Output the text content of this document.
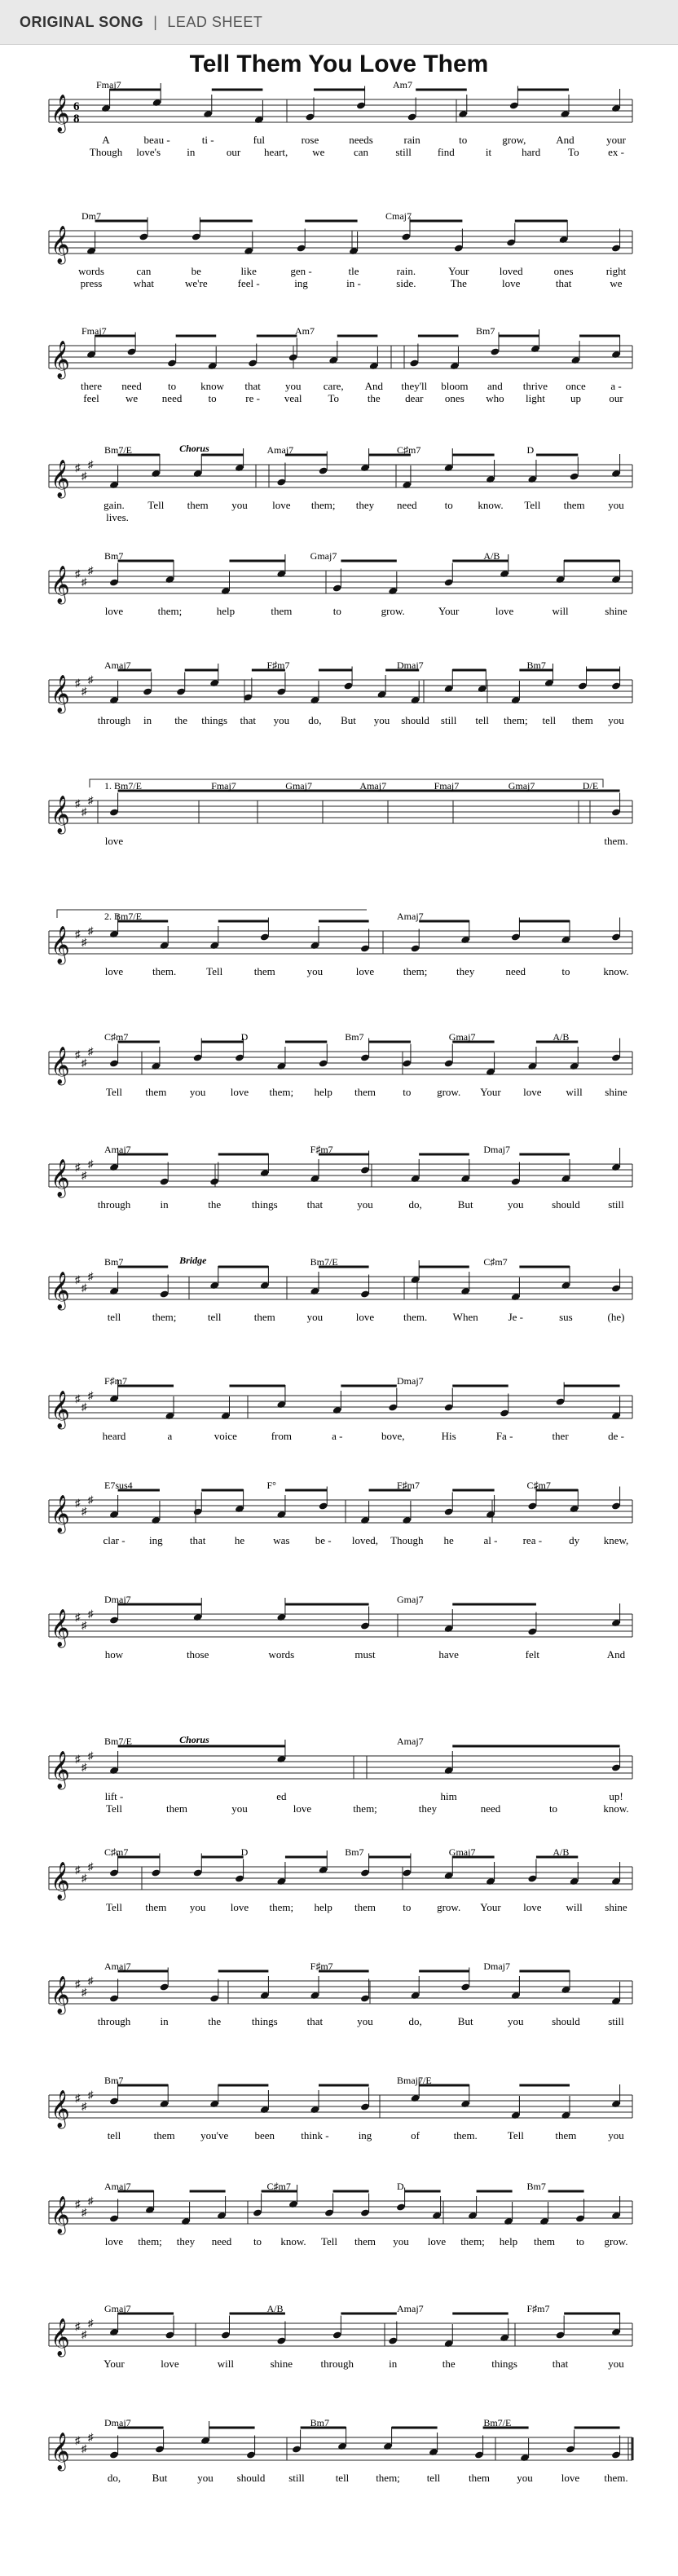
ORIGINAL SONG | LEAD SHEET
Tell Them You Love Them
𝄞 6
8
Fmaj7	Am7
A	beau -	ti -	ful	rose	needs	rain	to	grow,	And	your
Though love's in	our heart, we	can	still find	it	hard	To	ex -
𝄞
Dm7	Cmaj7
words	can	be	like	gen -	tle	rain.	Your	loved	ones	right
press	what	we're	feel -	ing	in -	side.	The	love	that	we
𝄞
Fmaj7	Am7	Bm7
there need to know that you care, And they'll bloom and thrive once a -
feel we need to	re - veal To	the dear ones who light up	our
𝄞 ♯
♯
♯
Bm7/E	Amaj7	C♯m7	D
Chorus
gain. Tell them you love them; they need	to know. Tell them you
lives.
𝄞 ♯
♯
♯
Bm7	Gmaj7	A/B
love	them;	help	them	to	grow.	Your	love	will	shine
𝄞 ♯
♯
♯
Amaj7	F♯m7	Dmaj7	Bm7
through in the things that you do, But you should still tell them; tell them you
𝄞 ♯
♯
♯
1. Bm7/E	Fmaj7	Gmaj7	Amaj7	Fmaj7	Gmaj7	D/E
love	them.
𝄞 ♯
♯
♯
2. Bm7/E	Amaj7
love	them.	Tell	them	you	love	them;	they	need	to	know.
𝄞 ♯
♯
♯
C♯m7	D	Bm7	Gmaj7	A/B
Tell them you love them; help them	to grow. Your love will shine
𝄞 ♯
♯
♯
Amaj7	F♯m7	Dmaj7
through	in	the	things	that	you	do,	But	you	should	still
𝄞 ♯
♯
♯
Bm7	Bm7/E	C♯m7
Bridge
tell	them;	tell	them	you	love	them. When	Je -	sus	(he)
𝄞 ♯
♯
♯
F♯m7	Dmaj7
heard	a	voice	from	a -	bove,	His	Fa -	ther	de -
𝄞 ♯
♯
♯
E7sus4	F°	F♯m7	C♯m7
clar - ing	that	he	was be - loved, Though he	al - rea -	dy knew,
𝄞 ♯
♯
♯
Dmaj7	Gmaj7
how	those	words	must	have	felt	And
𝄞 ♯
♯
♯
Bm7/E	Amaj7
Chorus
lift -	ed	him	up!
Tell	them	you	love	them;	they	need	to	know.
𝄞 ♯
♯
♯
C♯m7	D	Bm7	Gmaj7	A/B
Tell them you love them; help them	to grow. Your love will shine
𝄞 ♯
♯
♯
Amaj7	F♯m7	Dmaj7
through	in	the	things	that	you	do,	But	you	should	still
𝄞 ♯
♯
♯
Bm7	Bmaj7/E
tell	them you've been think -	ing	of	them.	Tell	them	you
𝄞 ♯
♯
♯
Amaj7	C♯m7	D	Bm7
love them; they need to know. Tell them you love them; help them to grow.
𝄞 ♯
♯
♯
Gmaj7	A/B	Amaj7	F♯m7
Your	love	will	shine	through	in	the	things	that	you
𝄞 ♯
♯
♯
Dmaj7	Bm7	Bm7/E
do,	But	you should still	tell	them;	tell	them	you	love them.
